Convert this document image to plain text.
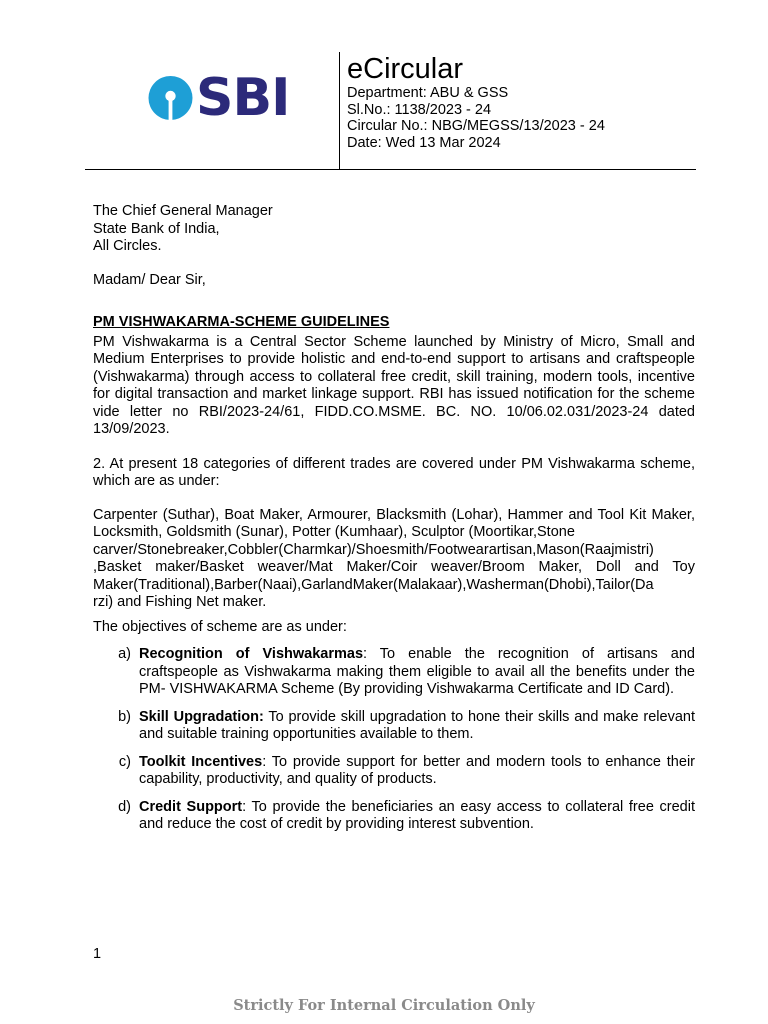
SBI eCircular
Department: ABU & GSS
Sl.No.: 1138/2023 - 24
Circular No.: NBG/MEGSS/13/2023 - 24
Date: Wed 13 Mar 2024

The Chief General Manager

State Bank of India,

All Circles.

Madam/ Dear Sir,

PM VISHWAKARMA-SCHEME GUIDELINES

PM Vishwakarma is a Central Sector Scheme launched by Ministry of Micro, Small and Medium Enterprises to provide holistic and end-to-end support to artisans and craftspeople (Vishwakarma) through access to collateral free credit, skill training, modern tools, incentive for digital transaction and market linkage support. RBI has issued notification for the scheme vide letter no RBI/2023-24/61, FIDD.CO.MSME. BC. NO. 10/06.02.031/2023-24 dated 13/09/2023.

2. At present 18 categories of different trades are covered under PM Vishwakarma scheme, which are as under:

Carpenter (Suthar), Boat Maker, Armourer, Blacksmith (Lohar), Hammer and Tool Kit Maker, Locksmith, Goldsmith (Sunar), Potter (Kumhaar), Sculptor (Moortikar,Stone

carver/Stonebreaker,Cobbler(Charmkar)/Shoesmith/Footwearartisan,Mason(Raajmistri)

,Basket maker/Basket weaver/Mat Maker/Coir weaver/Broom Maker, Doll and Toy Maker(Traditional),Barber(Naai),GarlandMaker(Malakaar),Washerman(Dhobi),Tailor(Da

rzi) and Fishing Net maker.

The objectives of scheme are as under:

a) Recognition of Vishwakarmas: To enable the recognition of artisans and craftspeople as Vishwakarma making them eligible to avail all the benefits under the PM- VISHWAKARMA Scheme (By providing Vishwakarma Certificate and ID Card).
b) Skill Upgradation: To provide skill upgradation to hone their skills and make relevant and suitable training opportunities available to them.
c) Toolkit Incentives: To provide support for better and modern tools to enhance their capability, productivity, and quality of products.
d) Credit Support: To provide the beneficiaries an easy access to collateral free credit and reduce the cost of credit by providing interest subvention.
1
Strictly For Internal Circulation Only
